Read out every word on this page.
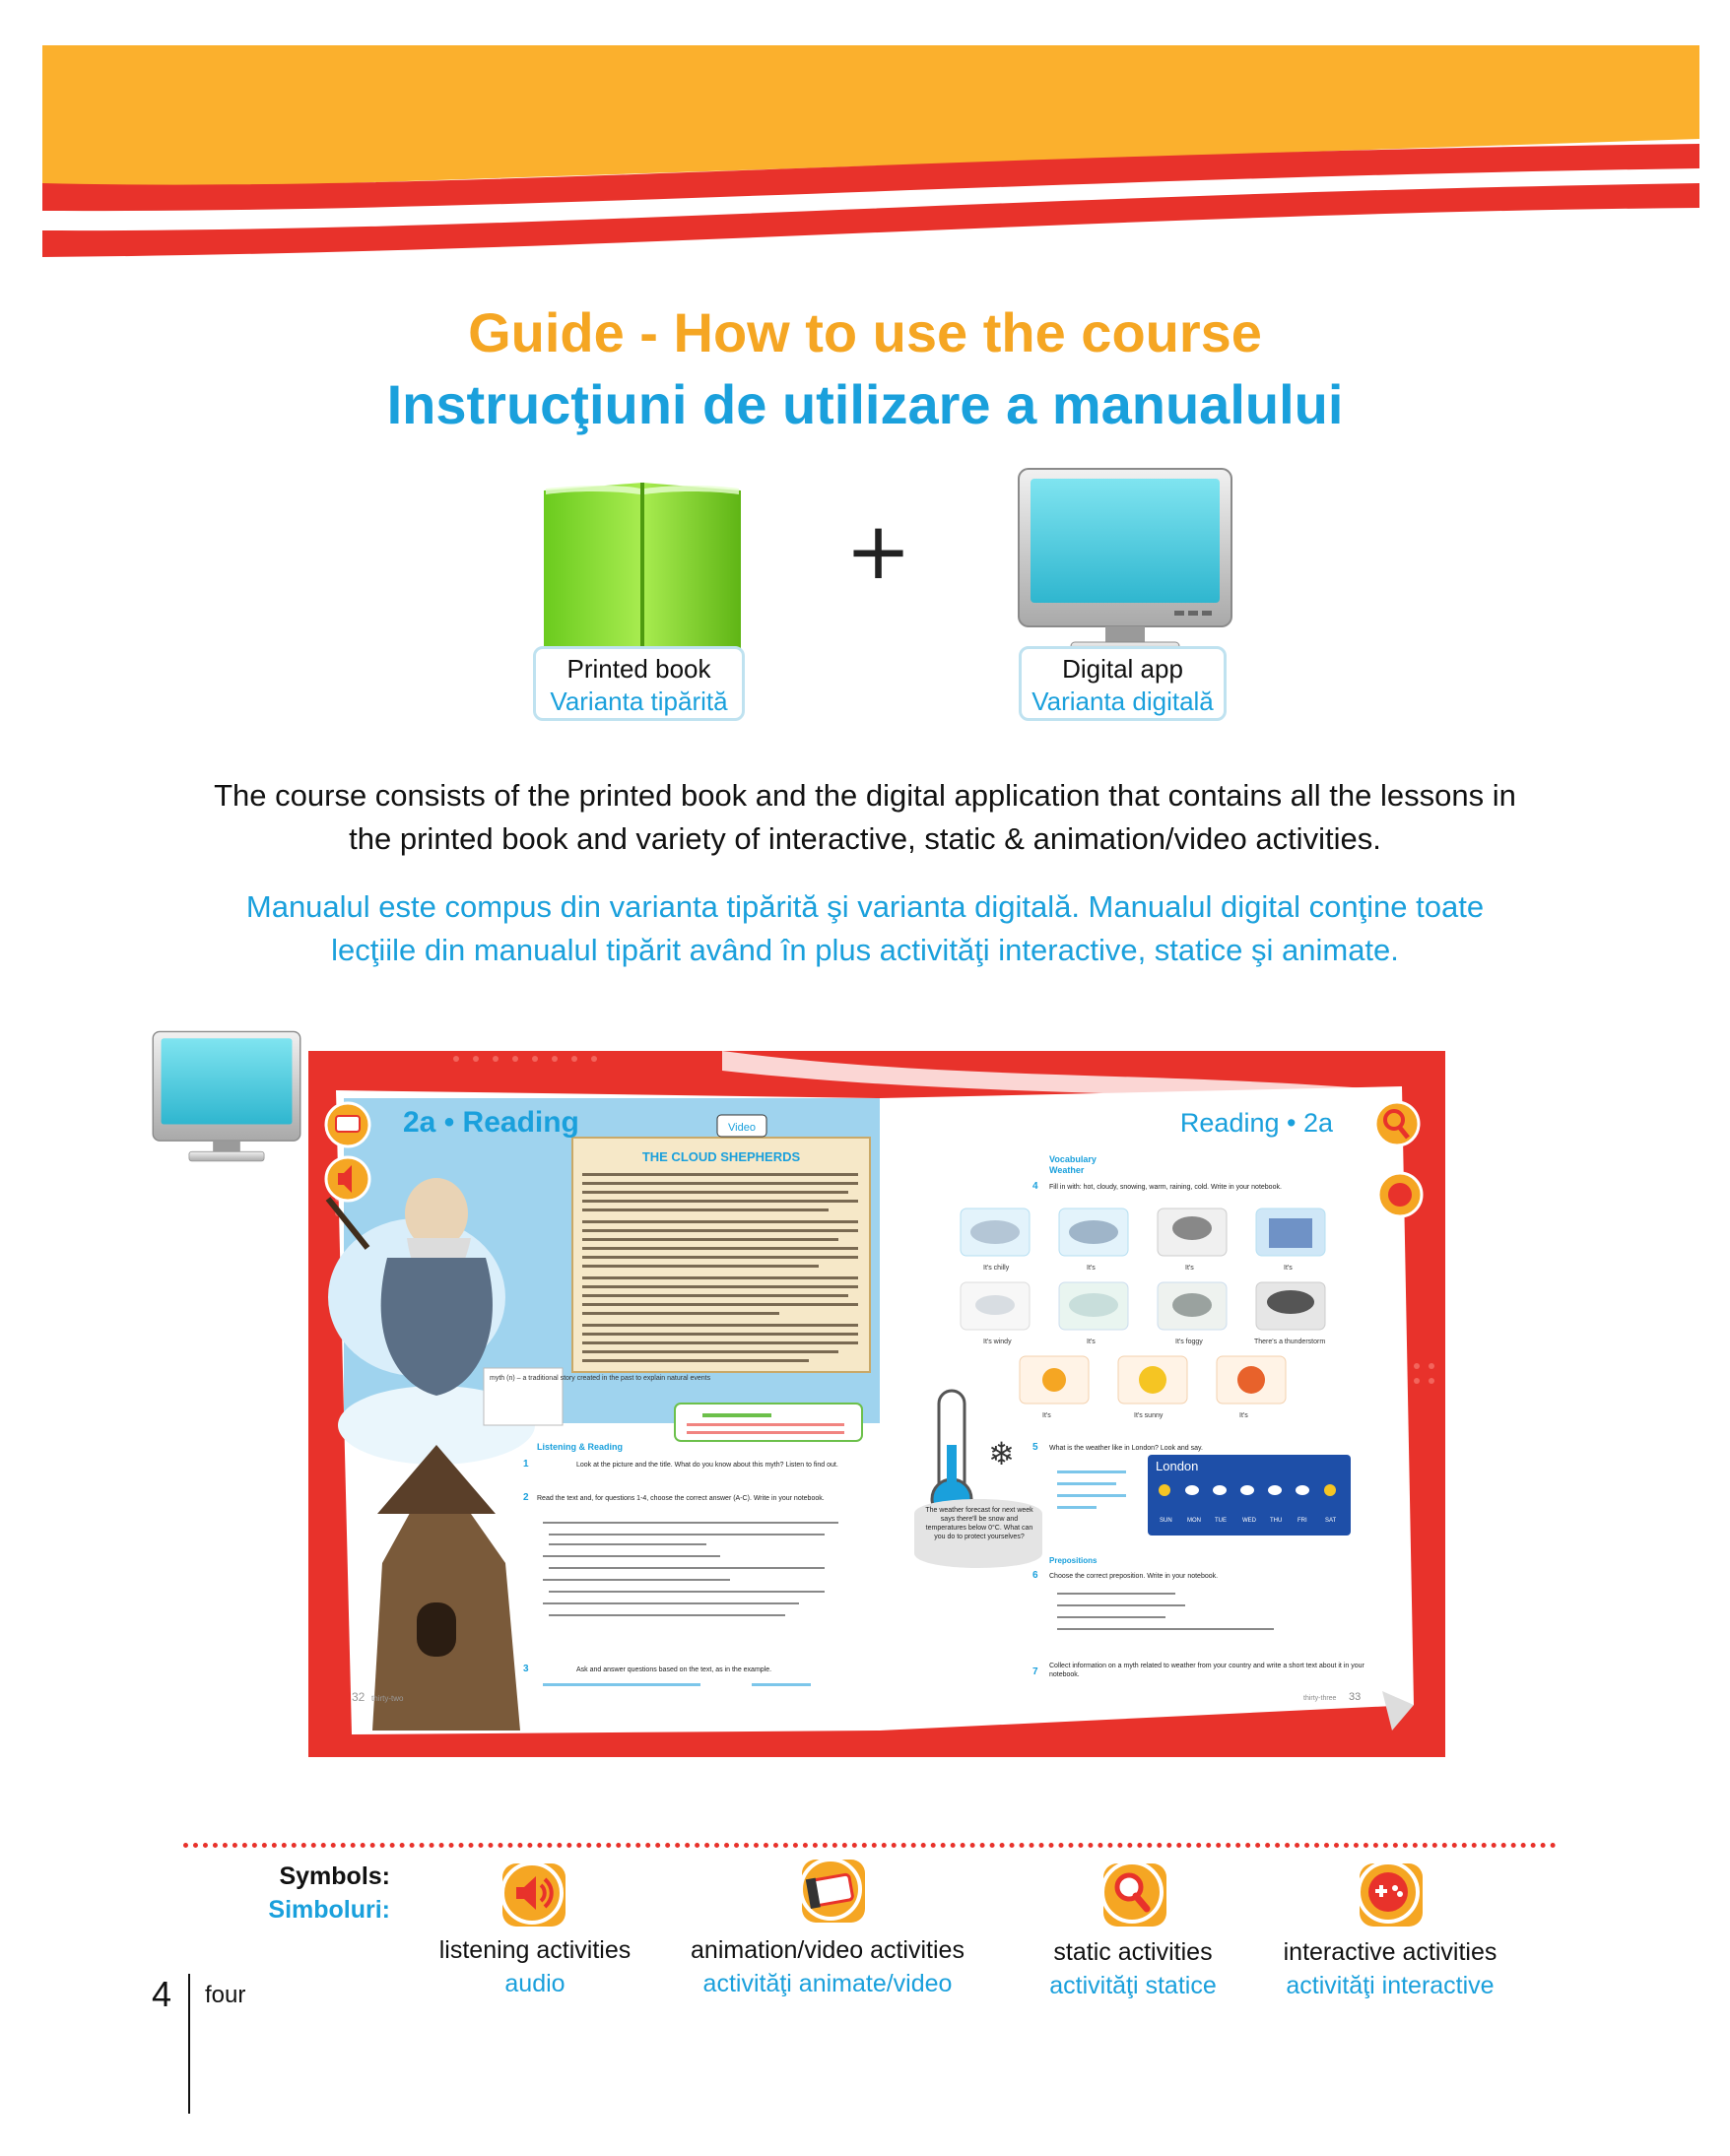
Guide - How to use the course
Instrucţiuni de utilizare a manualului
Printed book
Varianta tipărită
+
Digital app
Varianta digitală
The course consists of the printed book and the digital application that contains all the lessons in
the printed book and variety of interactive, static & animation/video activities.
Manualul este compus din varianta tipărită şi varianta digitală. Manualul digital conţine toate
lecţiile din manualul tipărit având în plus activităţi interactive, statice şi animate.
THE CLOUD SHEPHERDS
myth (n) – a traditional story created in the past to explain natural events
Listening & Reading
1	Look at the picture and the title. What do you know about this myth? Listen to find out.
2 Read the text and, for questions 1-4, choose the correct answer (A-C). Write in your notebook.
3	Ask and answer questions based on the text, as in the example.
32 thirty-two
2a • Reading	Video	Reading • 2a
Vocabulary
Weather
4 Fill in with: hot, cloudy, snowing, warm, raining, cold. Write in your notebook.
It's chilly	It's	It's	It's
It's windy	It's	It's foggy	There's a thunderstorm
It's	It's sunny	It's
❄
The weather forecast for next week says there'll be snow and temperatures below 0°C. What can you do to protect yourselves?
5 What is the weather like in London? Look and say.
London
SUN	MON TUE	WED THU	FRI	SAT
Prepositions
6 Choose the correct preposition. Write in your notebook.
7
Collect information on a myth related to weather from your country and write a short text about it in your notebook.
thirty-three 33
Symbols:
Simboluri:
listening activities
audio
animation/video activities
activităţi animate/video
static activities
activităţi statice
interactive activities
activităţi interactive
4 four
